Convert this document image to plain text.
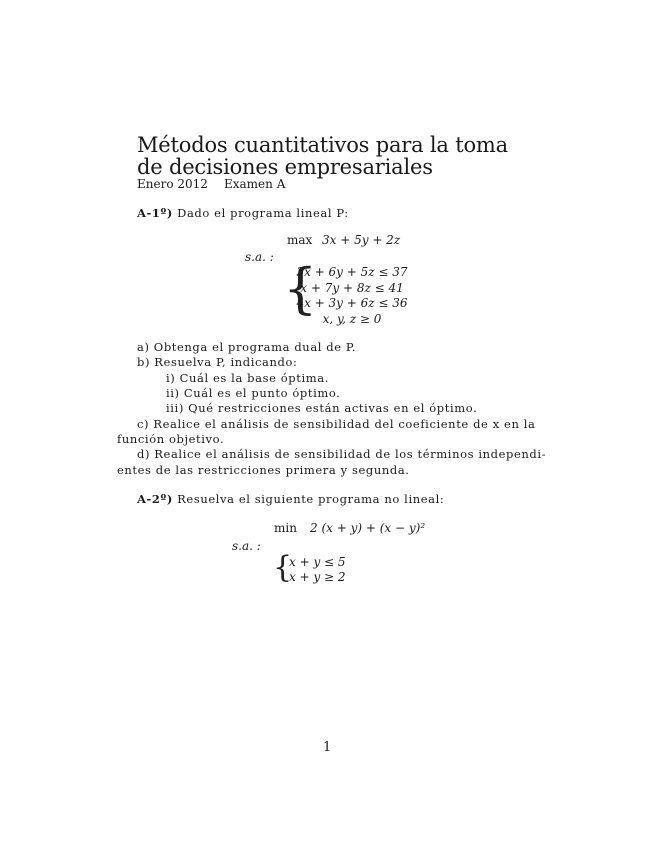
Métodos cuantitativos para la toma
de decisiones empresariales
Enero 2012 Examen A
A-1º) Dado el programa lineal P:
max 3x + 5y + 2z
s.a. : {
3x + 6y + 5z ≤ 37
x + 7y + 8z ≤ 41
4x + 3y + 6z ≤ 36
x, y, z ≥ 0
a) Obtenga el programa dual de P.
b) Resuelva P, indicando:
i) Cuál es la base óptima.
ii) Cuál es el punto óptimo.
iii) Qué restricciones están activas en el óptimo.
c) Realice el análisis de sensibilidad del coeficiente de x en la
función objetivo.
d) Realice el análisis de sensibilidad de los términos independi-
entes de las restricciones primera y segunda.
A-2º) Resuelva el siguiente programa no lineal:
min 2 (x + y) + (x − y)²
s.a. :
{
x + y ≤ 5
x + y ≥ 2
1
